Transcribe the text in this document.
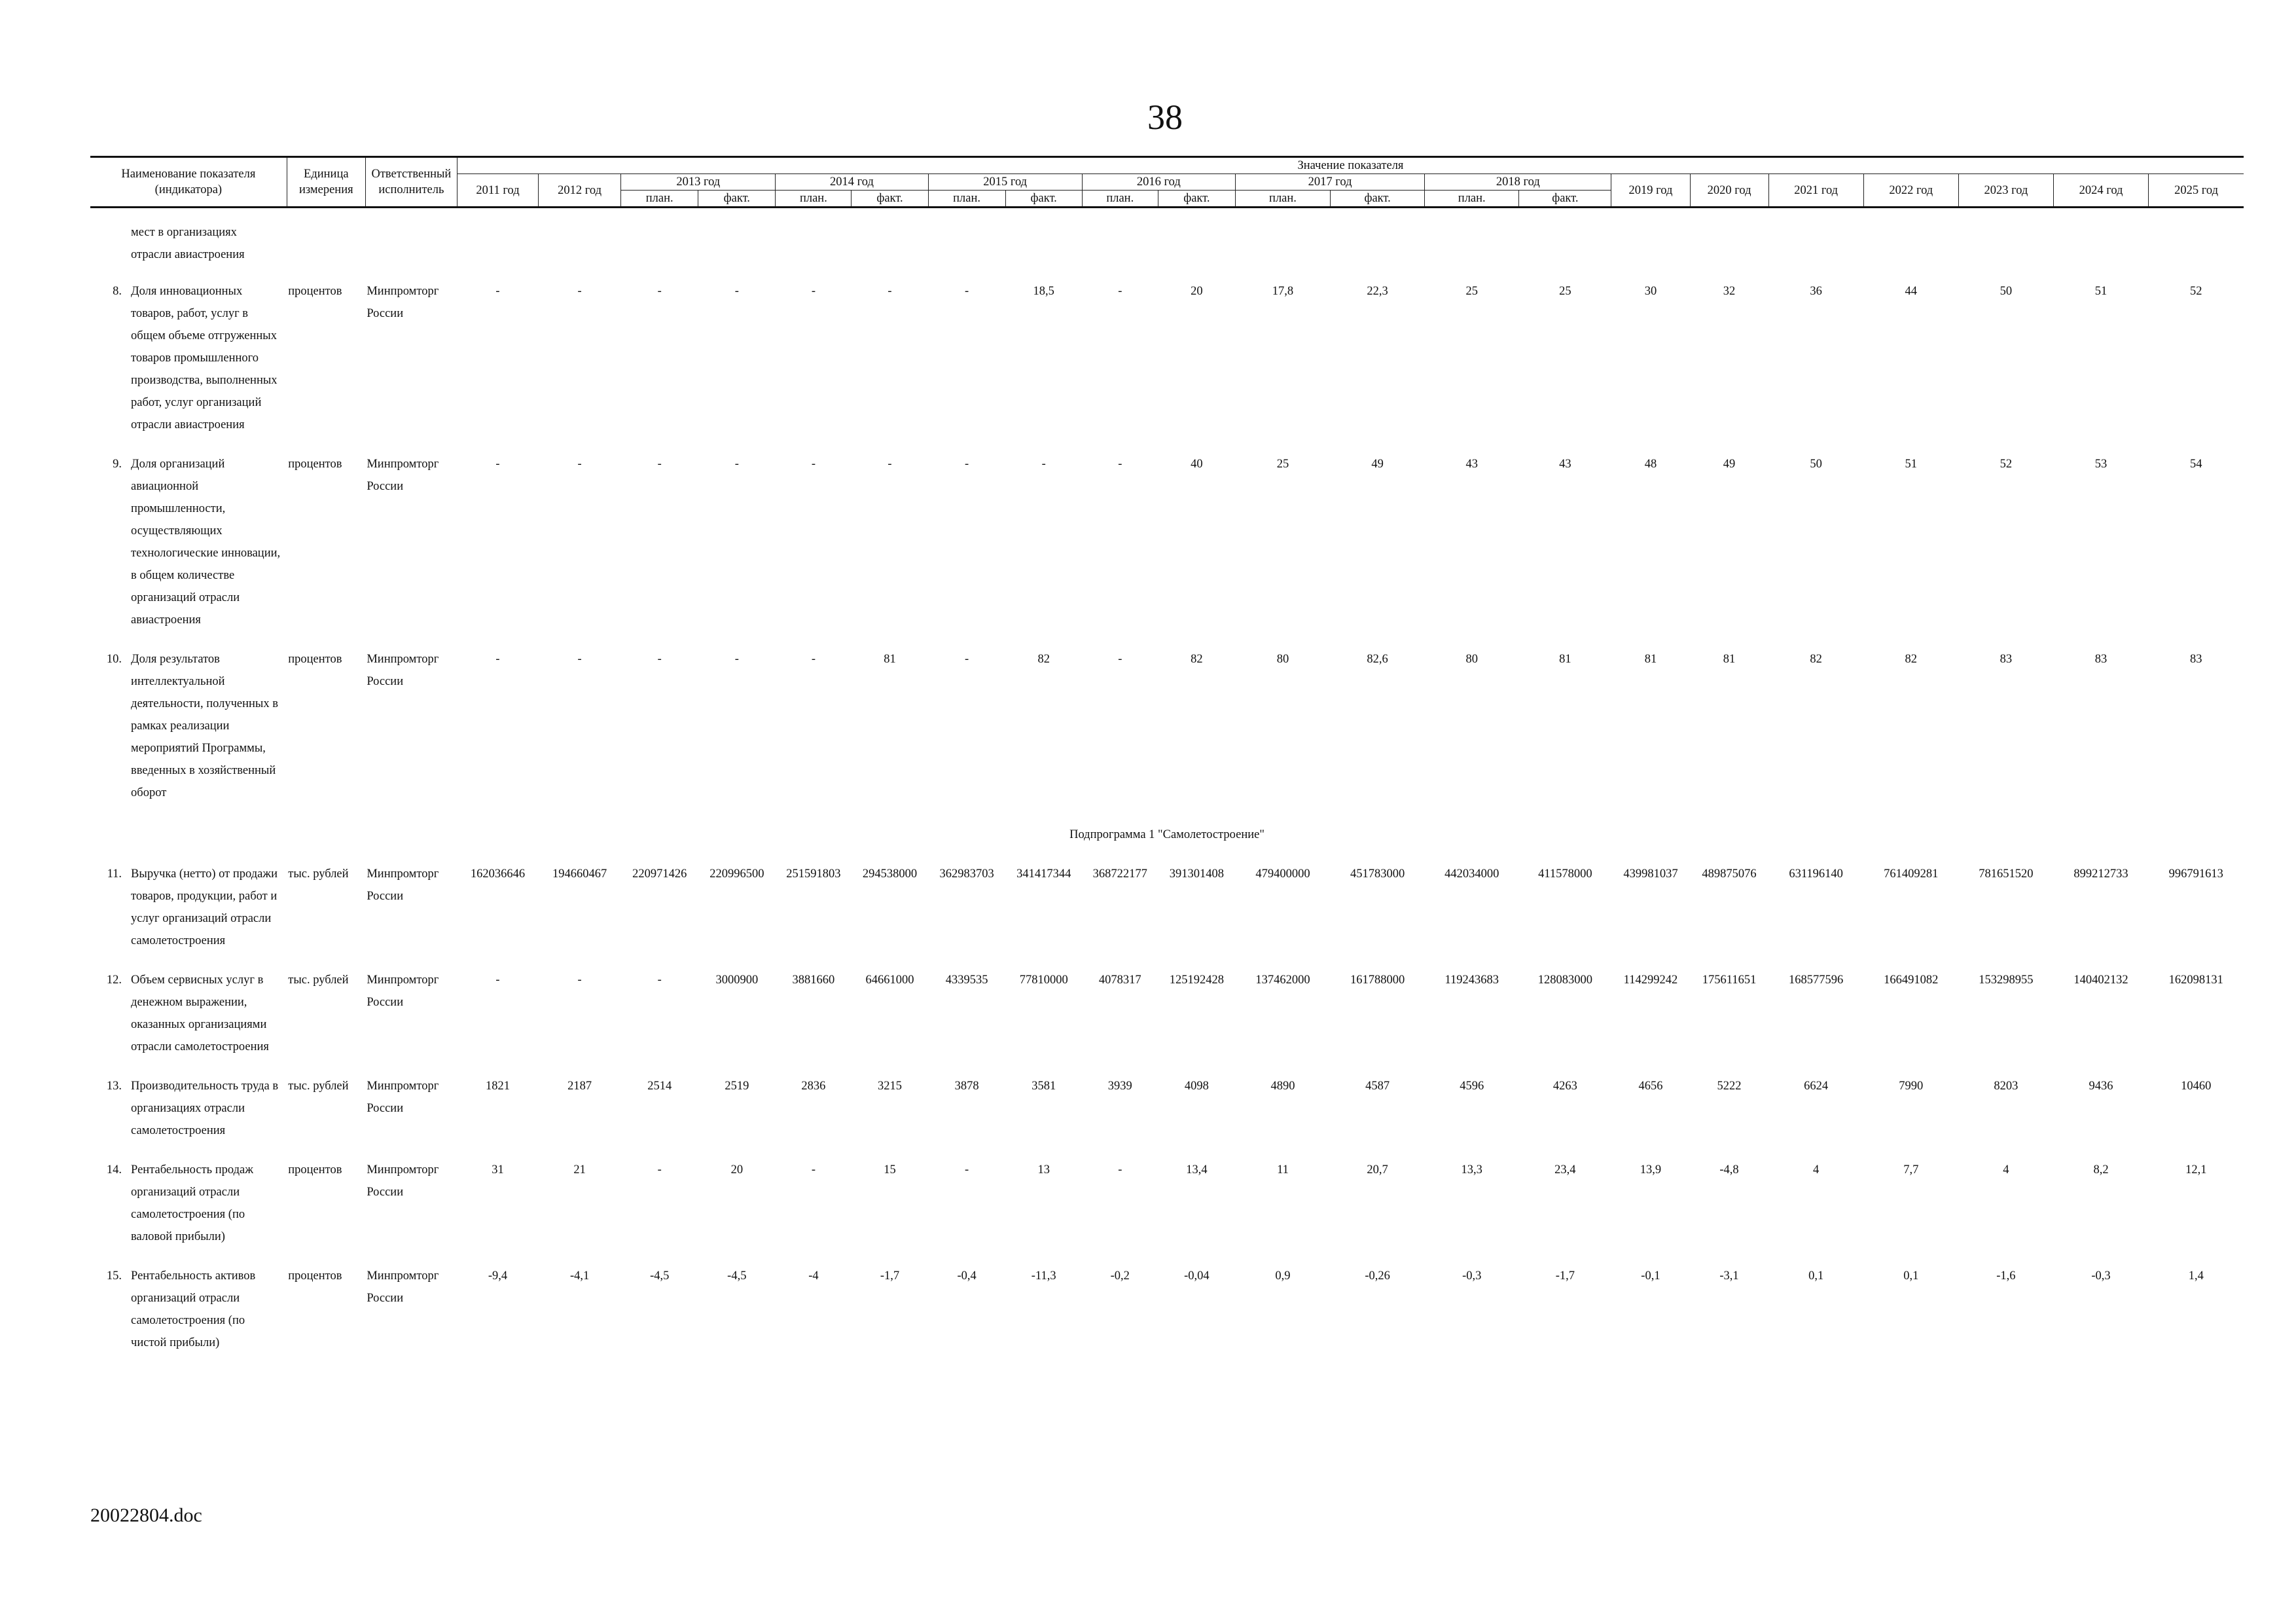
38
Наименование показателя (индикатора)		Единица измерения	Ответственный исполнитель	Значение показателя																				
				2011 год	2012 год	2013 год		2014 год		2015 год		2016 год		2017 год		2018 год		2019 год	2020 год	2021 год	2022 год	2023 год	2024 год	2025 год
						план.	факт.	план.	факт.	план.	факт.	план.	факт.	план.	факт.	план.	факт.							
	мест в организациях отрасли авиастроения																							
8.	Доля инновационных товаров, работ, услуг в общем объеме отгруженных товаров промышленного производства, выполненных работ, услуг организаций отрасли авиастроения	процентов	Минпромторг России	-	-	-	-	-	-	-	18,5	-	20	17,8	22,3	25	25	30	32	36	44	50	51	52
9.	Доля организаций авиационной промышленности, осуществляющих технологические инновации, в общем количестве организаций отрасли авиастроения	процентов	Минпромторг России	-	-	-	-	-	-	-	-	-	40	25	49	43	43	48	49	50	51	52	53	54
10.	Доля результатов интеллектуальной деятельности, полученных в рамках реализации мероприятий Программы, введенных в хозяйственный оборот	процентов	Минпромторг России	-	-	-	-	-	81	-	82	-	82	80	82,6	80	81	81	81	82	82	83	83	83
Подпрограмма 1 "Самолетостроение"																								
11.	Выручка (нетто) от продажи товаров, продукции, работ и услуг организаций отрасли самолетостроения	тыс. рублей	Минпромторг России	162036646	194660467	220971426	220996500	251591803	294538000	362983703	341417344	368722177	391301408	479400000	451783000	442034000	411578000	439981037	489875076	631196140	761409281	781651520	899212733	996791613
12.	Объем сервисных услуг в денежном выражении, оказанных организациями отрасли самолетостроения	тыс. рублей	Минпромторг России	-	-	-	3000900	3881660	64661000	4339535	77810000	4078317	125192428	137462000	161788000	119243683	128083000	114299242	175611651	168577596	166491082	153298955	140402132	162098131
13.	Производительность труда в организациях отрасли самолетостроения	тыс. рублей	Минпромторг России	1821	2187	2514	2519	2836	3215	3878	3581	3939	4098	4890	4587	4596	4263	4656	5222	6624	7990	8203	9436	10460
14.	Рентабельность продаж организаций отрасли самолетостроения (по валовой прибыли)	процентов	Минпромторг России	31	21	-	20	-	15	-	13	-	13,4	11	20,7	13,3	23,4	13,9	-4,8	4	7,7	4	8,2	12,1
15.	Рентабельность активов организаций отрасли самолетостроения (по чистой прибыли)	процентов	Минпромторг России	-9,4	-4,1	-4,5	-4,5	-4	-1,7	-0,4	-11,3	-0,2	-0,04	0,9	-0,26	-0,3	-1,7	-0,1	-3,1	0,1	0,1	-1,6	-0,3	1,4
20022804.doc
